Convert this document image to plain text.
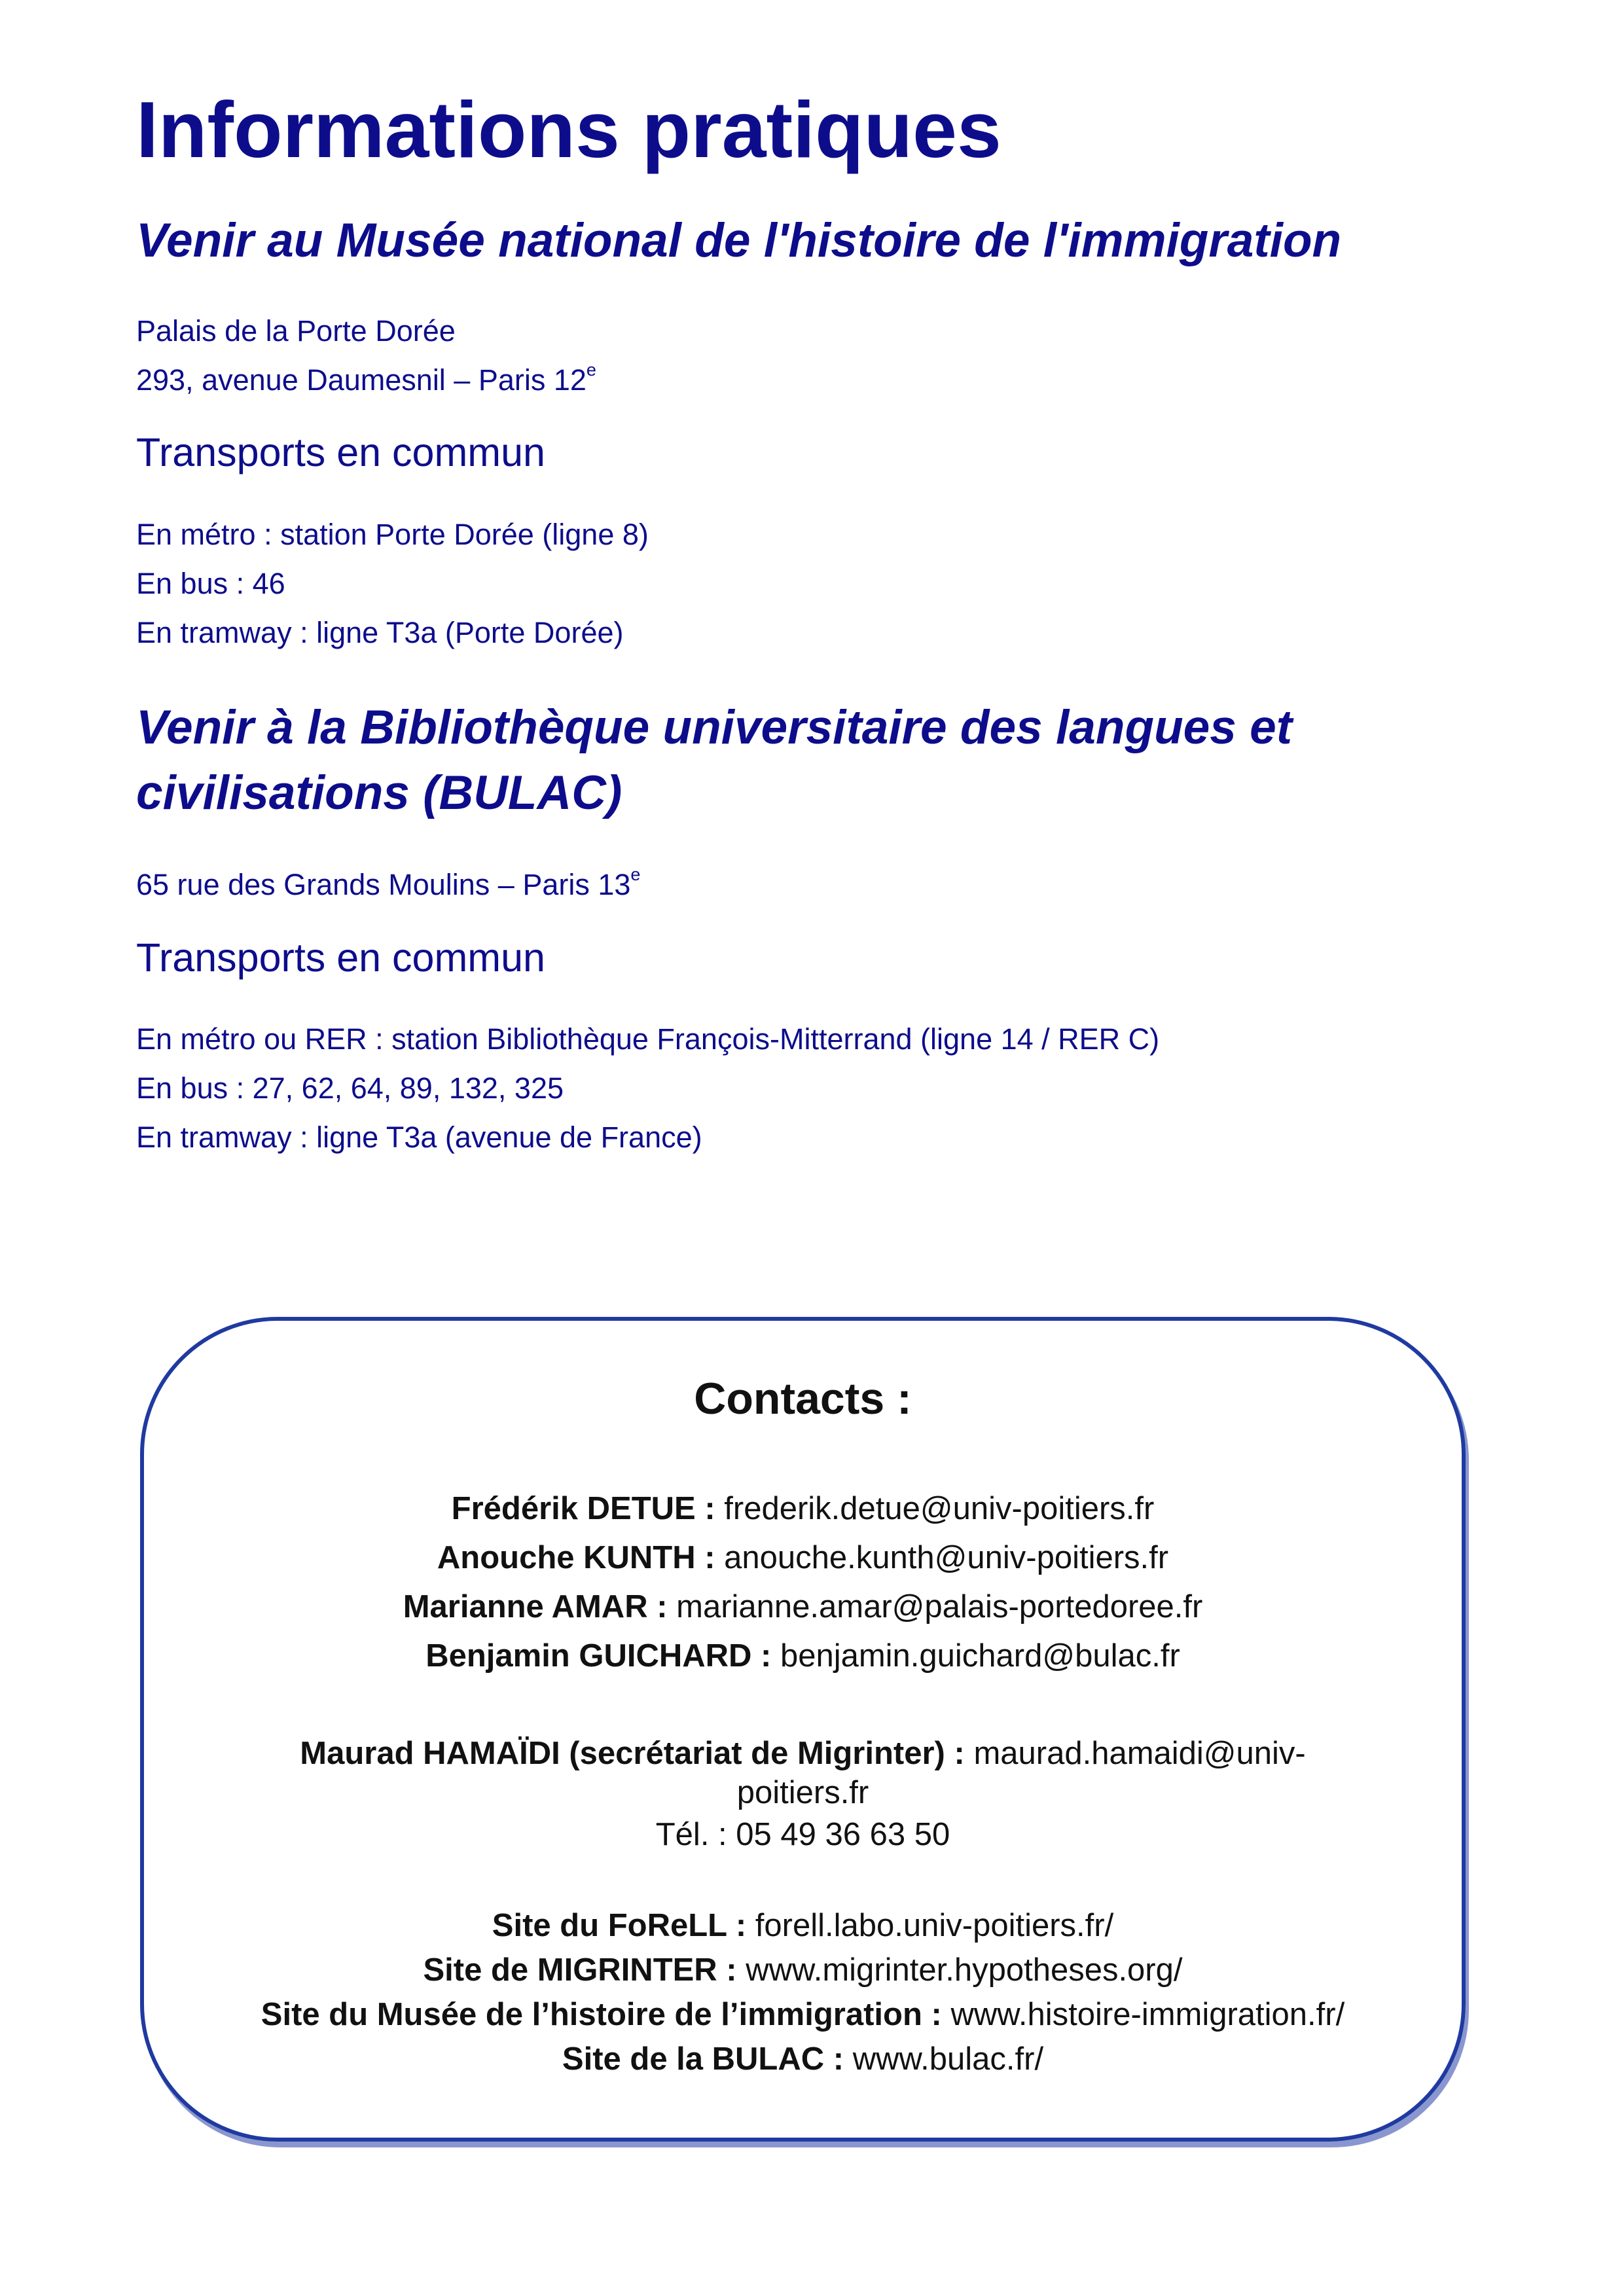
Informations pratiques
Venir au Musée national de l'histoire de l'immigration

Palais de la Porte Dorée

293, avenue Daumesnil – Paris 12e

Transports en commun

En métro : station Porte Dorée (ligne 8)

En bus : 46

En tramway : ligne T3a (Porte Dorée)

Venir à la Bibliothèque universitaire des langues et
civilisations (BULAC)

65 rue des Grands Moulins – Paris 13e

Transports en commun

En métro ou RER : station Bibliothèque François-Mitterrand (ligne 14 / RER C)

En bus : 27, 62, 64, 89, 132, 325

En tramway : ligne T3a (avenue de France)

Contacts :

Frédérik DETUE : frederik.detue@univ-poitiers.fr

Anouche KUNTH : anouche.kunth@univ-poitiers.fr

Marianne AMAR : marianne.amar@palais-portedoree.fr

Benjamin GUICHARD : benjamin.guichard@bulac.fr

Maurad HAMAÏDI (secrétariat de Migrinter) : maurad.hamaidi@univ-

poitiers.fr

Tél. : 05 49 36 63 50

Site du FoReLL : forell.labo.univ-poitiers.fr/

Site de MIGRINTER : www.migrinter.hypotheses.org/

Site du Musée de l’histoire de l’immigration : www.histoire-immigration.fr/

Site de la BULAC : www.bulac.fr/
